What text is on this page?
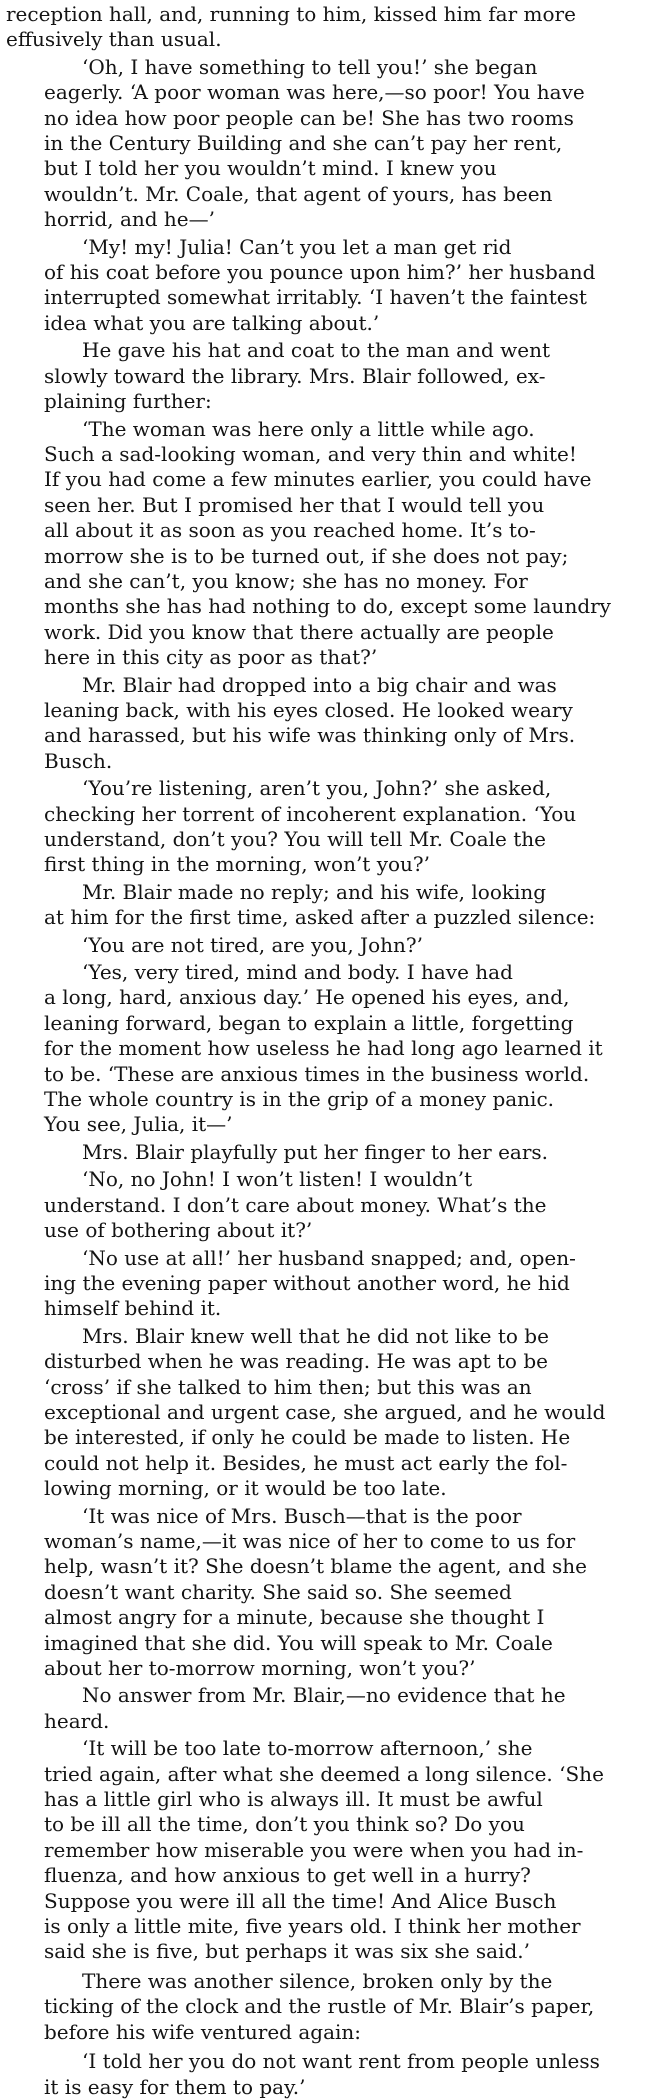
reception hall, and, running to him, kissed him far more
effusively than usual.

‘Oh, I have something to tell you!’ she began
eagerly. ‘A poor woman was here,—so poor! You have
no idea how poor people can be! She has two rooms
in the Century Building and she can’t pay her rent,
but I told her you wouldn’t mind. I knew you
wouldn’t. Mr. Coale, that agent of yours, has been
horrid, and he—’

‘My! my! Julia! Can’t you let a man get rid
of his coat before you pounce upon him?’ her husband
interrupted somewhat irritably. ‘I haven’t the faintest
idea what you are talking about.’

He gave his hat and coat to the man and went
slowly toward the library. Mrs. Blair followed, ex-
plaining further:

‘The woman was here only a little while ago.
Such a sad-looking woman, and very thin and white!
If you had come a few minutes earlier, you could have
seen her. But I promised her that I would tell you
all about it as soon as you reached home. It’s to-
morrow she is to be turned out, if she does not pay;
and she can’t, you know; she has no money. For
months she has had nothing to do, except some laundry
work. Did you know that there actually are people
here in this city as poor as that?’

Mr. Blair had dropped into a big chair and was
leaning back, with his eyes closed. He looked weary
and harassed, but his wife was thinking only of Mrs.
Busch.

‘You’re listening, aren’t you, John?’ she asked,
checking her torrent of incoherent explanation. ‘You
understand, don’t you? You will tell Mr. Coale the
first thing in the morning, won’t you?’

Mr. Blair made no reply; and his wife, looking
at him for the first time, asked after a puzzled silence:

‘You are not tired, are you, John?’

‘Yes, very tired, mind and body. I have had
a long, hard, anxious day.’ He opened his eyes, and,
leaning forward, began to explain a little, forgetting
for the moment how useless he had long ago learned it
to be. ‘These are anxious times in the business world.
The whole country is in the grip of a money panic.
You see, Julia, it—’

Mrs. Blair playfully put her finger to her ears.

‘No, no John! I won’t listen! I wouldn’t
understand. I don’t care about money. What’s the
use of bothering about it?’

‘No use at all!’ her husband snapped; and, open-
ing the evening paper without another word, he hid
himself behind it.

Mrs. Blair knew well that he did not like to be
disturbed when he was reading. He was apt to be
‘cross’ if she talked to him then; but this was an
exceptional and urgent case, she argued, and he would
be interested, if only he could be made to listen. He
could not help it. Besides, he must act early the fol-
lowing morning, or it would be too late.

‘It was nice of Mrs. Busch—that is the poor
woman’s name,—it was nice of her to come to us for
help, wasn’t it? She doesn’t blame the agent, and she
doesn’t want charity. She said so. She seemed
almost angry for a minute, because she thought I
imagined that she did. You will speak to Mr. Coale
about her to-morrow morning, won’t you?’

No answer from Mr. Blair,—no evidence that he
heard.

‘It will be too late to-morrow afternoon,’ she
tried again, after what she deemed a long silence. ‘She
has a little girl who is always ill. It must be awful
to be ill all the time, don’t you think so? Do you
remember how miserable you were when you had in-
fluenza, and how anxious to get well in a hurry?
Suppose you were ill all the time! And Alice Busch
is only a little mite, five years old. I think her mother
said she is five, but perhaps it was six she said.’

There was another silence, broken only by the
ticking of the clock and the rustle of Mr. Blair’s paper,
before his wife ventured again:

‘I told her you do not want rent from people unless
it is easy for them to pay.’
